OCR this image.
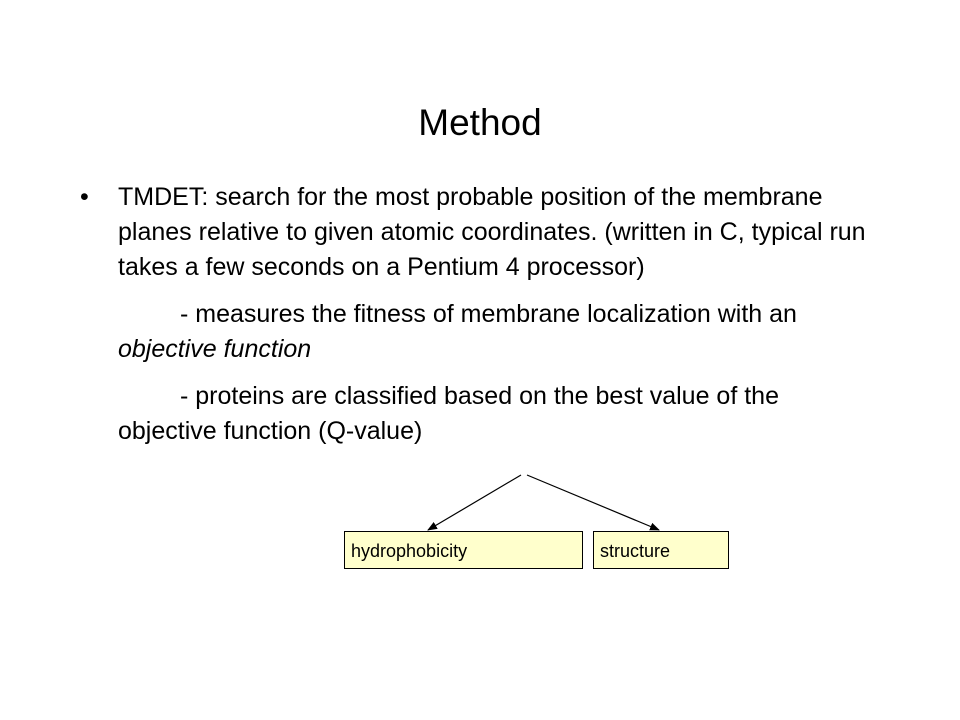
Method
• TMDET: search for the most probable position of the membrane planes relative to given atomic coordinates. (written in C, typical run takes a few seconds on a Pentium 4 processor)

- measures the fitness of membrane localization with an objective function

- proteins are classified based on the best value of the objective function (Q-value)

hydrophobicity	structure
